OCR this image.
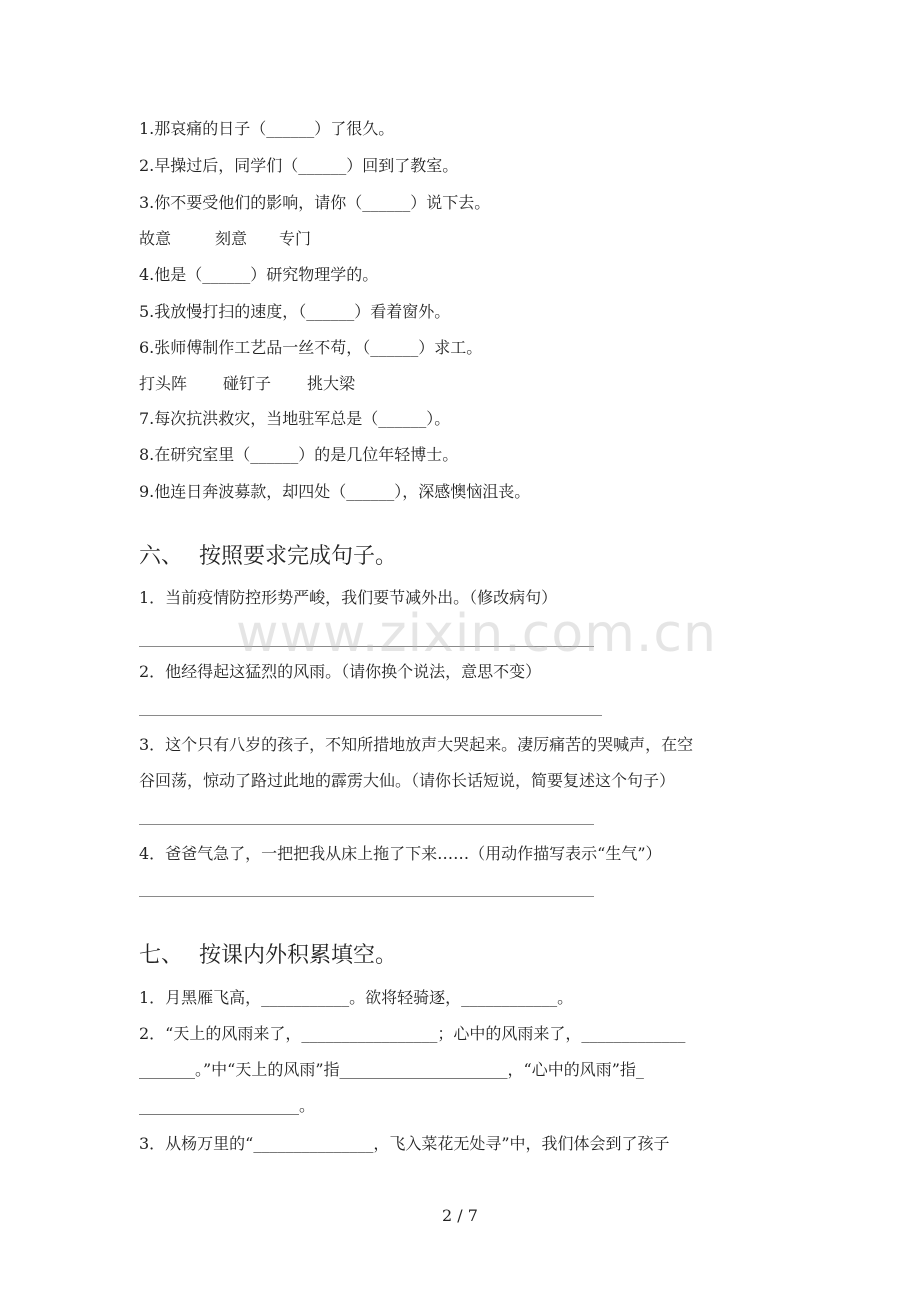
1.那哀痛的日子（______）了很久。
2.早操过后，同学们（______）回到了教室。
3.你不要受他们的影响，请你（______）说下去。
故意	刻意 专门
4.他是（______）研究物理学的。
5.我放慢打扫的速度，（______）看着窗外。
6.张师傅制作工艺品一丝不苟，（______）求工。
打头阵 碰钉子 挑大梁
7.每次抗洪救灾，当地驻军总是（______）。
8.在研究室里（______）的是几位年轻博士。
9.他连日奔波募款，却四处（______），深感懊恼沮丧。
六、 按照要求完成句子。
1．当前疫情防控形势严峻，我们要节减外出。（修改病句）
2．他经得起这猛烈的风雨。（请你换个说法，意思不变）
3．这个只有八岁的孩子，不知所措地放声大哭起来。凄厉痛苦的哭喊声，在空
谷回荡，惊动了路过此地的霹雳大仙。（请你长话短说，简要复述这个句子）
4．爸爸气急了，一把把我从床上拖了下来……（用动作描写表示“生气”）
七、 按课内外积累填空。
1．月黑雁飞高，___________。欲将轻骑逐，____________。
2．“天上的风雨来了，_________________；心中的风雨来了，_____________
_______。”中“天上的风雨”指_____________________，“心中的风雨”指_
____________________。
3．从杨万里的“_______________，飞入菜花无处寻”中，我们体会到了孩子
www.zixin.com.cn
2 / 7
